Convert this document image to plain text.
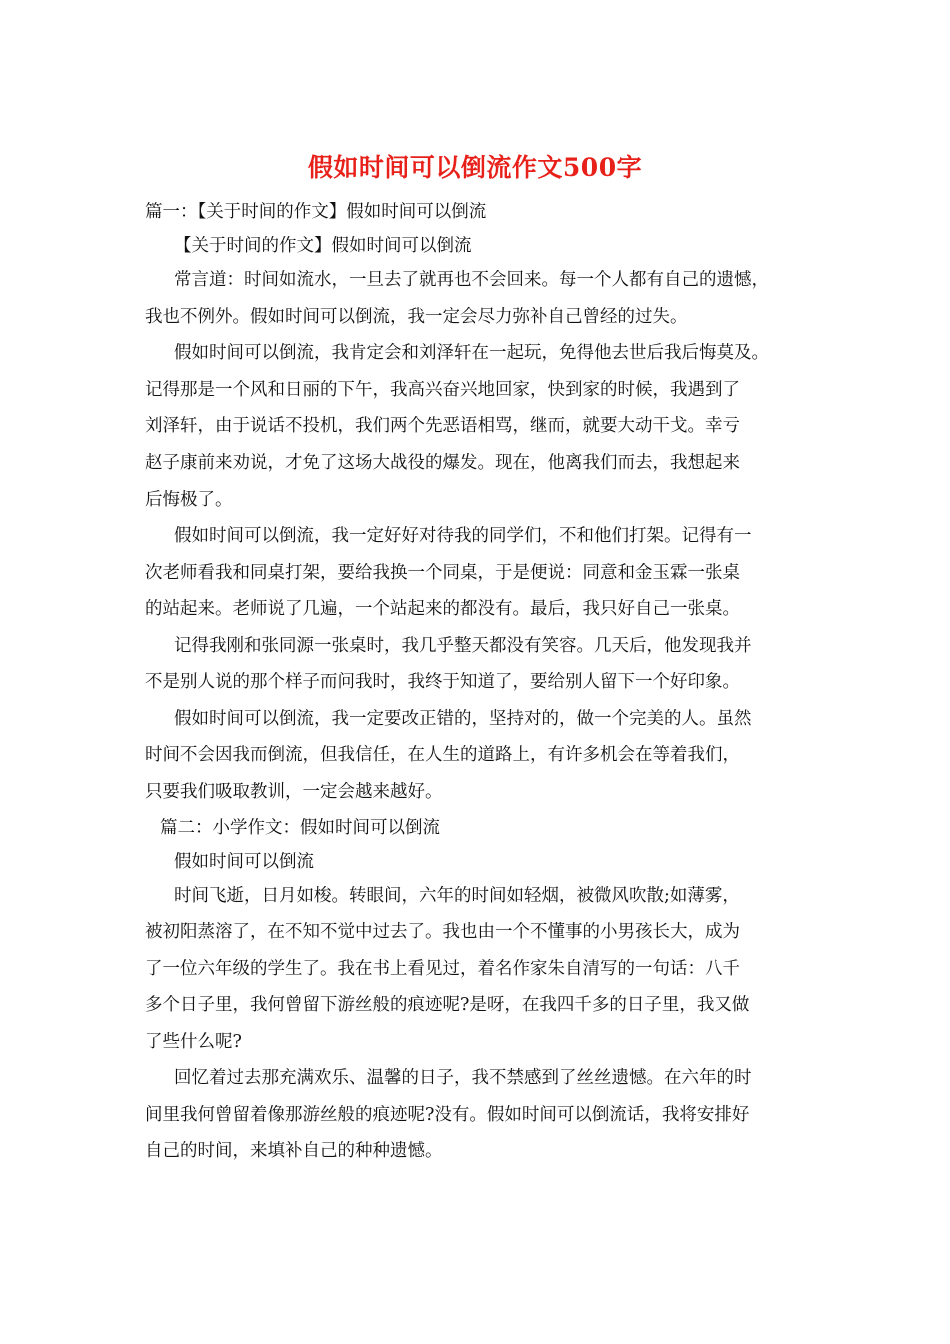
假如时间可以倒流作文500字
篇一：【关于时间的作文】假如时间可以倒流
【关于时间的作文】假如时间可以倒流
常言道：时间如流水，一旦去了就再也不会回来。每一个人都有自己的遗憾，
我也不例外。假如时间可以倒流，我一定会尽力弥补自己曾经的过失。
假如时间可以倒流，我肯定会和刘泽轩在一起玩，免得他去世后我后悔莫及。
记得那是一个风和日丽的下午，我高兴奋兴地回家，快到家的时候，我遇到了
刘泽轩，由于说话不投机，我们两个先恶语相骂，继而，就要大动干戈。幸亏
赵子康前来劝说，才免了这场大战役的爆发。现在，他离我们而去，我想起来
后悔极了。
假如时间可以倒流，我一定好好对待我的同学们，不和他们打架。记得有一
次老师看我和同桌打架，要给我换一个同桌，于是便说：同意和金玉霖一张桌
的站起来。老师说了几遍，一个站起来的都没有。最后，我只好自己一张桌。
记得我刚和张同源一张桌时，我几乎整天都没有笑容。几天后，他发现我并
不是别人说的那个样子而问我时，我终于知道了，要给别人留下一个好印象。
假如时间可以倒流，我一定要改正错的，坚持对的，做一个完美的人。虽然
时间不会因我而倒流，但我信任，在人生的道路上，有许多机会在等着我们，
只要我们吸取教训，一定会越来越好。
篇二：小学作文：假如时间可以倒流
假如时间可以倒流
时间飞逝，日月如梭。转眼间，六年的时间如轻烟，被微风吹散;如薄雾，
被初阳蒸溶了，在不知不觉中过去了。我也由一个不懂事的小男孩长大，成为
了一位六年级的学生了。我在书上看见过，着名作家朱自清写的一句话：八千
多个日子里，我何曾留下游丝般的痕迹呢?是呀，在我四千多的日子里，我又做
了些什么呢?
回忆着过去那充满欢乐、温馨的日子，我不禁感到了丝丝遗憾。在六年的时
间里我何曾留着像那游丝般的痕迹呢?没有。假如时间可以倒流话，我将安排好
自己的时间，来填补自己的种种遗憾。
